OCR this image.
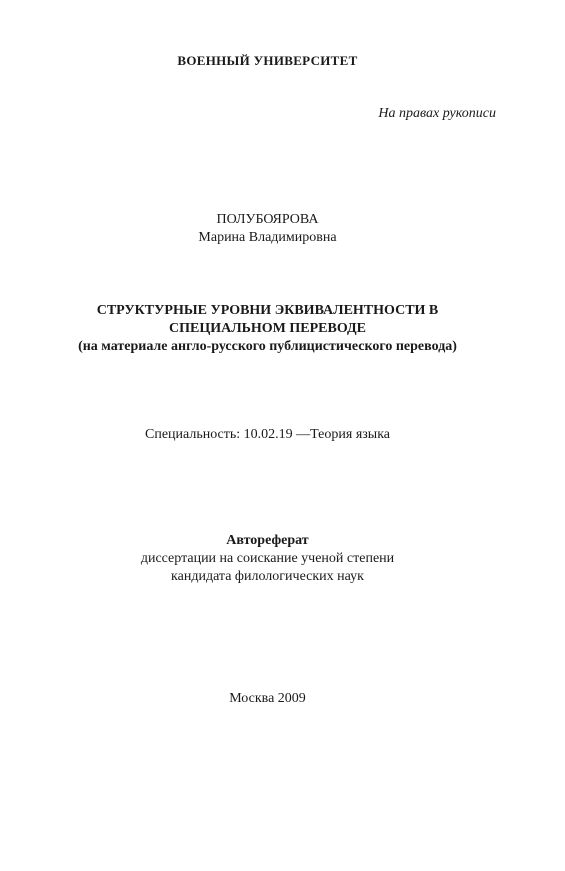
ВОЕННЫЙ УНИВЕРСИТЕТ
На правах рукописи
ПОЛУБОЯРОВА
Марина Владимировна
СТРУКТУРНЫЕ УРОВНИ ЭКВИВАЛЕНТНОСТИ В
СПЕЦИАЛЬНОМ ПЕРЕВОДЕ
(на материале англо-русского публицистического перевода)
Специальность: 10.02.19 —Теория языка
Автореферат
диссертации на соискание ученой степени
кандидата филологических наук
Москва 2009
